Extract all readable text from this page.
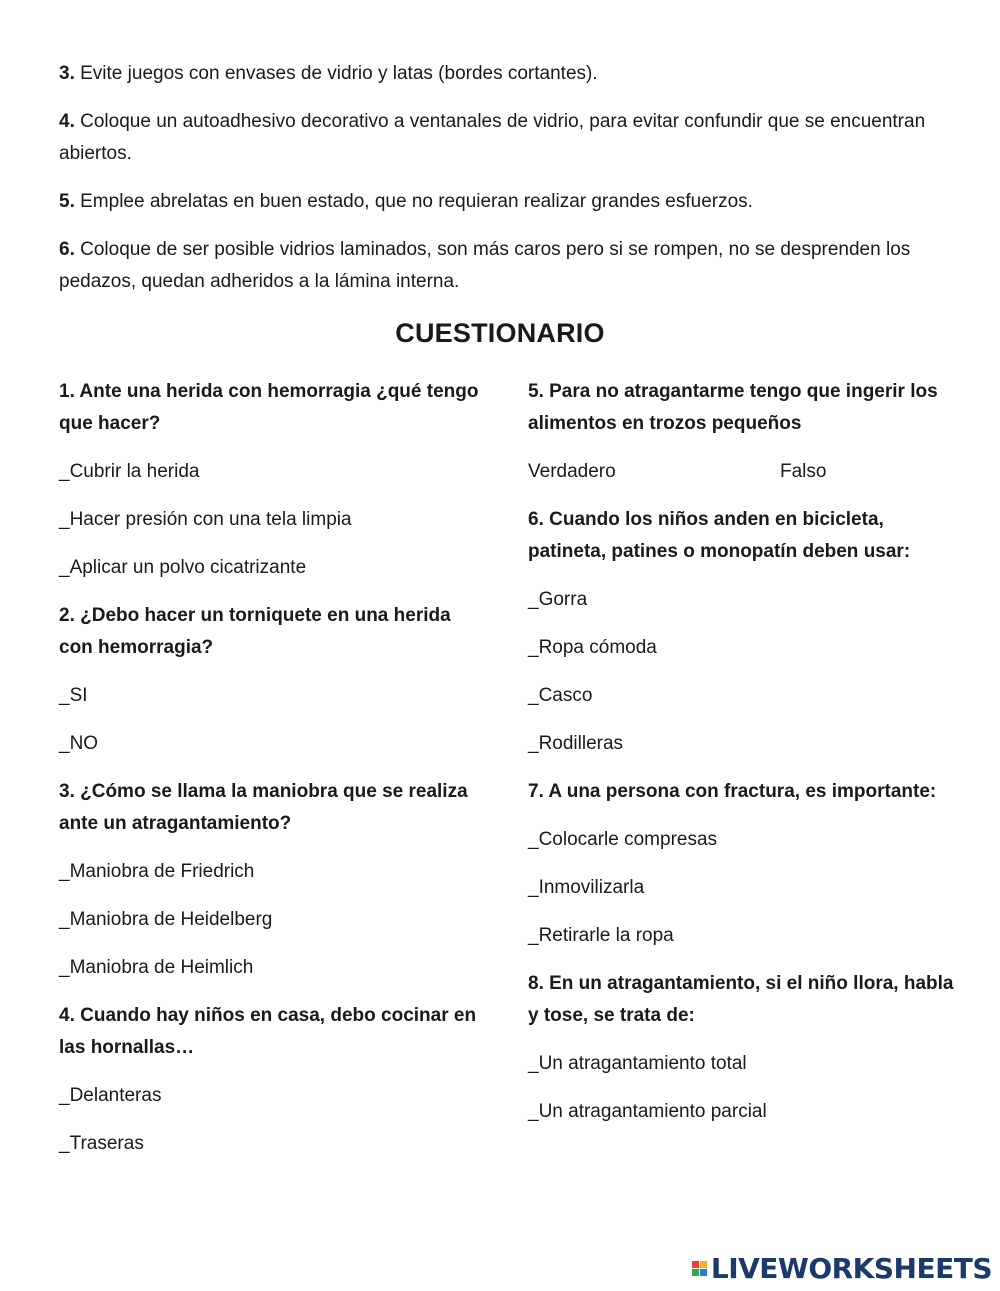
3. Evite juegos con envases de vidrio y latas (bordes cortantes).

4. Coloque un autoadhesivo decorativo a ventanales de vidrio, para evitar confundir que se encuentran abiertos.

5. Emplee abrelatas en buen estado, que no requieran realizar grandes esfuerzos.

6. Coloque de ser posible vidrios laminados, son más caros pero si se rompen, no se desprenden los pedazos, quedan adheridos a la lámina interna.

CUESTIONARIO
1. Ante una herida con hemorragia ¿qué tengo que hacer?
_Cubrir la herida
_Hacer presión con una tela limpia
_Aplicar un polvo cicatrizante
2. ¿Debo hacer un torniquete en una herida con hemorragia?
_SI
_NO
3. ¿Cómo se llama la maniobra que se realiza ante un atragantamiento?
_Maniobra de Friedrich
_Maniobra de Heidelberg
_Maniobra de Heimlich
4. Cuando hay niños en casa, debo cocinar en las hornallas…
_Delanteras
_Traseras
5. Para no atragantarme tengo que ingerir los alimentos en trozos pequeños
Verdadero	Falso
6. Cuando los niños anden en bicicleta, patineta, patines o monopatín deben usar:
_Gorra
_Ropa cómoda
_Casco
_Rodilleras
7. A una persona con fractura, es importante:
_Colocarle compresas
_Inmovilizarla
_Retirarle la ropa
8. En un atragantamiento, si el niño llora, habla y tose, se trata de:
_Un atragantamiento total
_Un atragantamiento parcial
LIVEWORKSHEETS
